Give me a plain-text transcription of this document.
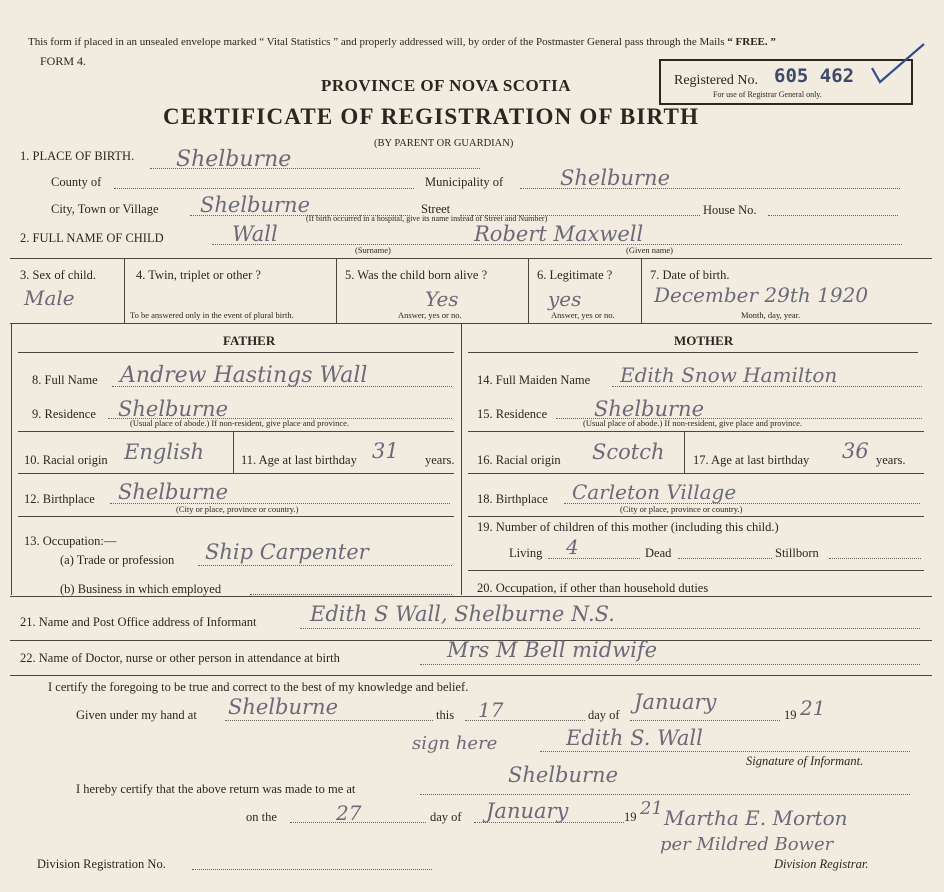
This form if placed in an unsealed envelope marked “ Vital Statistics ” and properly addressed will, by order of the Postmaster General pass through the Mails “ FREE. ”
FORM 4.
PROVINCE OF NOVA SCOTIA
CERTIFICATE OF REGISTRATION OF BIRTH
(BY PARENT OR GUARDIAN)
Registered No. 605 462
For use of Registrar General only.
1. PLACE OF BIRTH. Shelburne
County of	Municipality of	Shelburne
City, Town or Village Shelburne	Street	House No.
(If birth occurred in a hospital, give its name instead of Street and Number)
2. FULL NAME OF CHILD	Wall	Robert Maxwell
(Surname)	(Given name)
3. Sex of child.
Male
4. Twin, triplet or other ?
To be answered only in the event of plural birth.
5. Was the child born alive ?
Yes
Answer, yes or no.
6. Legitimate ?
yes
Answer, yes or no.
7. Date of birth.
December 29th 1920
Month, day, year.
FATHER	MOTHER
8. Full Name Andrew Hastings Wall
9. Residence Shelburne
(Usual place of abode.) If non-resident, give place and province.
10. Racial origin English	11. Age at last birthday 31 years.
12. Birthplace Shelburne
(City or place, province or country.)
13. Occupation:—
(a) Trade or profession Ship Carpenter
(b) Business in which employed
14. Full Maiden Name Edith Snow Hamilton
15. Residence Shelburne
(Usual place of abode.) If non-resident, give place and province.
16. Racial origin Scotch 17. Age at last birthday 36 years.
18. Birthplace Carleton Village
(City or place, province or country.)
19. Number of children of this mother (including this child.)
Living 4	Dead	Stillborn
20. Occupation, if other than household duties
21. Name and Post Office address of Informant	Edith S Wall, Shelburne N.S.
22. Name of Doctor, nurse or other person in attendance at birth	Mrs M Bell midwife
I certify the foregoing to be true and correct to the best of my knowledge and belief.
Given under my hand at Shelburne	this 17	day of
January
19 21
sign here	Edith S. Wall
Signature of Informant.
I hereby certify that the above return was made to me at
Shelburne
on the	27	day of January	19 21 Martha E. Morton
per Mildred Bower
Division Registrar.
Division Registration No.
